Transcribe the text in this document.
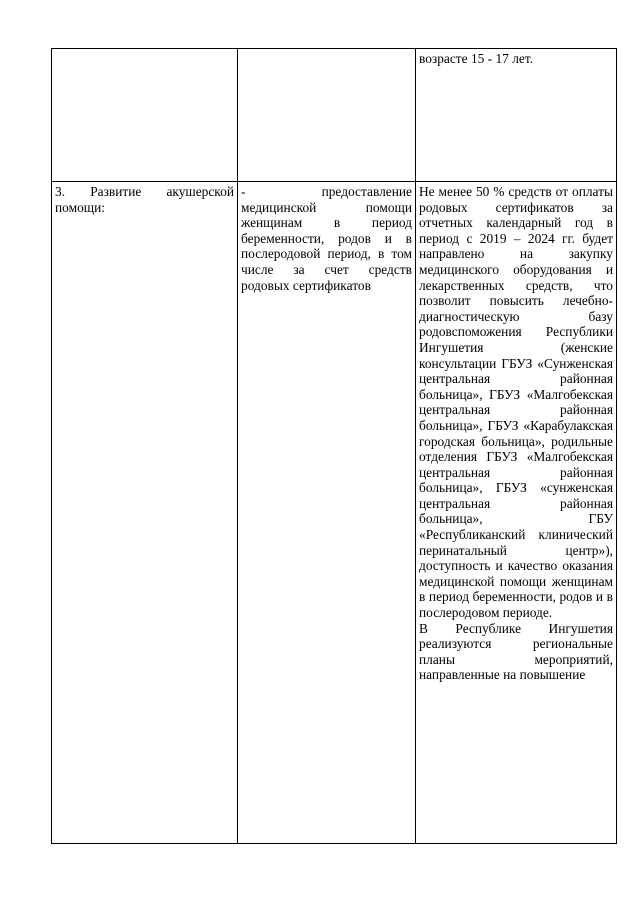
		возрасте 15 - 17 лет.

3. Развитие акушерской помощи:	- предоставление медицинской помощи женщинам в период беременности, родов и в послеродовой период, в том числе за счет средств родовых сертификатов	Не менее 50 % средств от оплаты родовых сертификатов за отчетных календарный год в период с 2019 – 2024 гг. будет направлено на закупку медицинского оборудования и лекарственных средств, что позволит повысить лечебно-диагностическую базу родовспоможения Республики Ингушетия (женские консультации ГБУЗ «Сунженская центральная районная больница», ГБУЗ «Малгобекская центральная районная больница», ГБУЗ «Карабулакская городская больница», родильные отделения ГБУЗ «Малгобекская центральная районная больница», ГБУЗ «сунженская центральная районная больница», ГБУ «Республиканский клинический перинатальный центр»), доступность и качество оказания медицинской помощи женщинам в период беременности, родов и в послеродовом периоде.

В Республике Ингушетия реализуются региональные планы мероприятий, направленные на повышение
